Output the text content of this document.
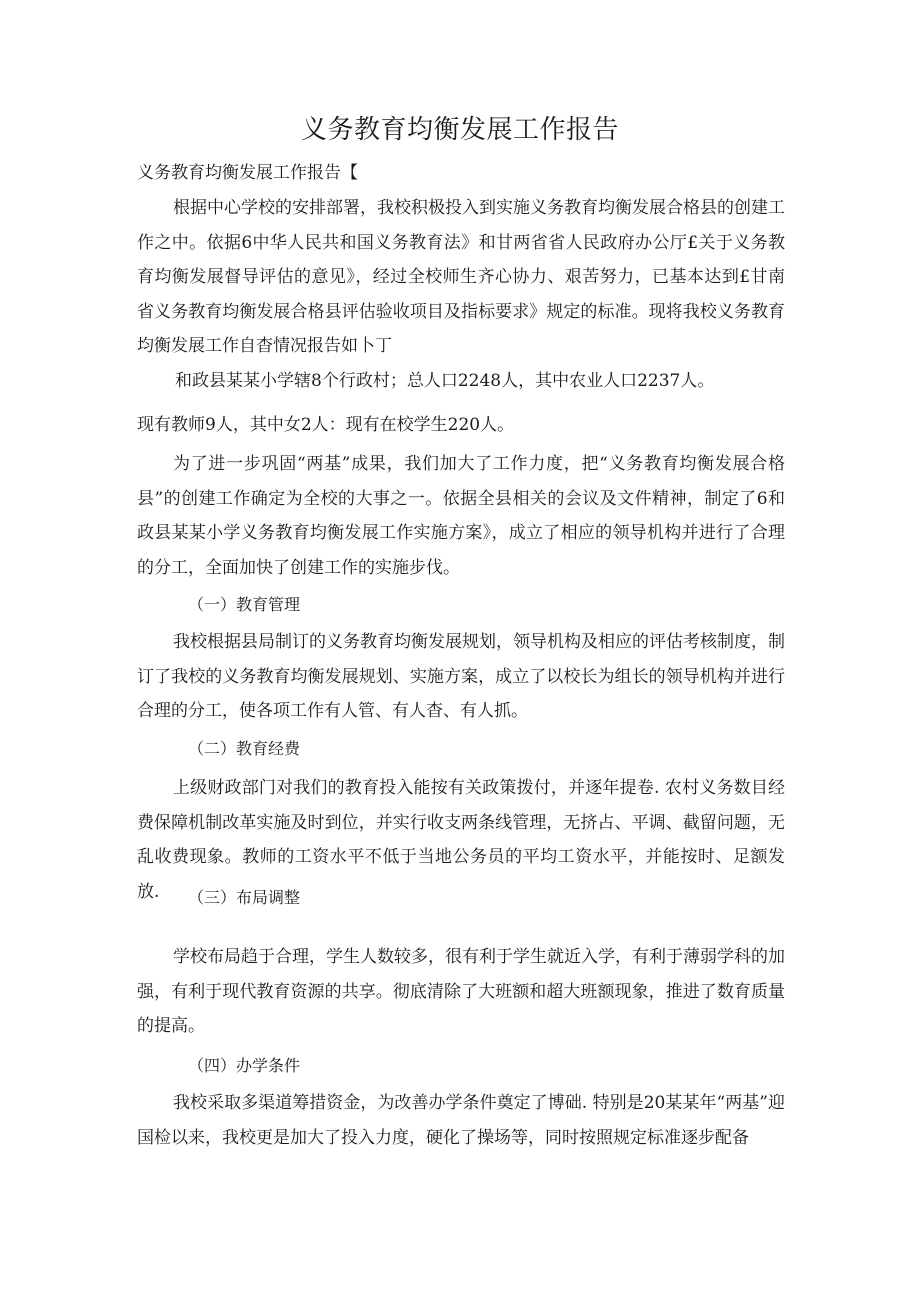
义务教育均衡发展工作报告

义务教育均衡发展工作报告【

根据中心学校的安排部署，我校积极投入到实施义务教育均衡发展合格县的创建工作之中。依据6中华人民共和国义务教育法》和甘两省省人民政府办公厅£关于义务教育均衡发展督导评估的意见》，经过全校师生齐心协力、艰苦努力，已基本达到£甘南省义务教育均衡发展合格县评估验收项目及指标要求》规定的标准。现将我校义务教育均衡发展工作自杳情况报告如卜丁

和政县某某小学辖8个行政村；总人口2248人，其中农业人口2237人。

现有教师9人，其中女2人：现有在校学生220人。

为了进一步巩固“两基”成果，我们加大了工作力度，把“义务教育均衡发展合格县”的创建工作确定为全校的大事之一。依据全县相关的会议及文件精神，制定了6和政县某某小学义务教育均衡发展工作实施方案》，成立了相应的领导机构并进行了合理的分工，全面加快了创建工作的实施步伐。

（一）教育管理

我校根据县局制订的义务教育均衡发展规划，领导机构及相应的评估考核制度，制订了我校的义务教育均衡发展规划、实施方案，成立了以校长为组长的领导机构并进行合理的分工，使各项工作有人管、有人杳、有人抓。

（二）教育经费

上级财政部门对我们的教育投入能按有关政策拨付，并逐年提卷. 农村义务数目经费保障机制改革实施及时到位，并实行收支两条线管理，无挤占、平调、截留问题，无乱收费现象。教师的工资水平不低于当地公务员的平均工资水平，并能按时、足额发放.	（三）布局调整

学校布局趋于合理，学生人数较多，很有利于学生就近入学，有利于薄弱学科的加强，有利于现代教育资源的共享。彻底清除了大班额和超大班额现象，推进了数育质量的提高。

（四）办学条件

我校采取多渠道筹措资金，为改善办学条件奠定了博础. 特别是20某某年“两基”迎国检以来，我校更是加大了投入力度，硬化了操场等，同时按照规定标准逐步配备
